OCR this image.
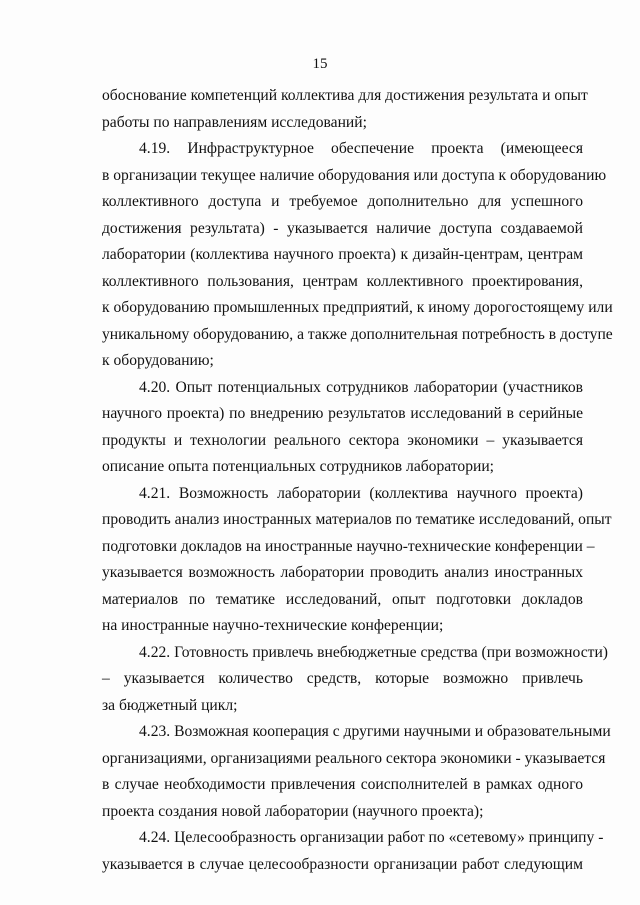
15
обоснование компетенций коллектива для достижения результата и опыт
работы по направлениям исследований;
4.19. Инфраструктурное обеспечение проекта (имеющееся
в организации текущее наличие оборудования или доступа к оборудованию
коллективного доступа и требуемое дополнительно для успешного
достижения результата) - указывается наличие доступа создаваемой
лаборатории (коллектива научного проекта) к дизайн-центрам, центрам
коллективного пользования, центрам коллективного проектирования,
к оборудованию промышленных предприятий, к иному дорогостоящему или
уникальному оборудованию, а также дополнительная потребность в доступе
к оборудованию;
4.20. Опыт потенциальных сотрудников лаборатории (участников
научного проекта) по внедрению результатов исследований в серийные
продукты и технологии реального сектора экономики – указывается
описание опыта потенциальных сотрудников лаборатории;
4.21. Возможность лаборатории (коллектива научного проекта)
проводить анализ иностранных материалов по тематике исследований, опыт
подготовки докладов на иностранные научно-технические конференции –
указывается возможность лаборатории проводить анализ иностранных
материалов по тематике исследований, опыт подготовки докладов
на иностранные научно-технические конференции;
4.22. Готовность привлечь внебюджетные средства (при возможности)
– указывается количество средств, которые возможно привлечь
за бюджетный цикл;
4.23. Возможная кооперация с другими научными и образовательными
организациями, организациями реального сектора экономики - указывается
в случае необходимости привлечения соисполнителей в рамках одного
проекта создания новой лаборатории (научного проекта);
4.24. Целесообразность организации работ по «сетевому» принципу -
указывается в случае целесообразности организации работ следующим
